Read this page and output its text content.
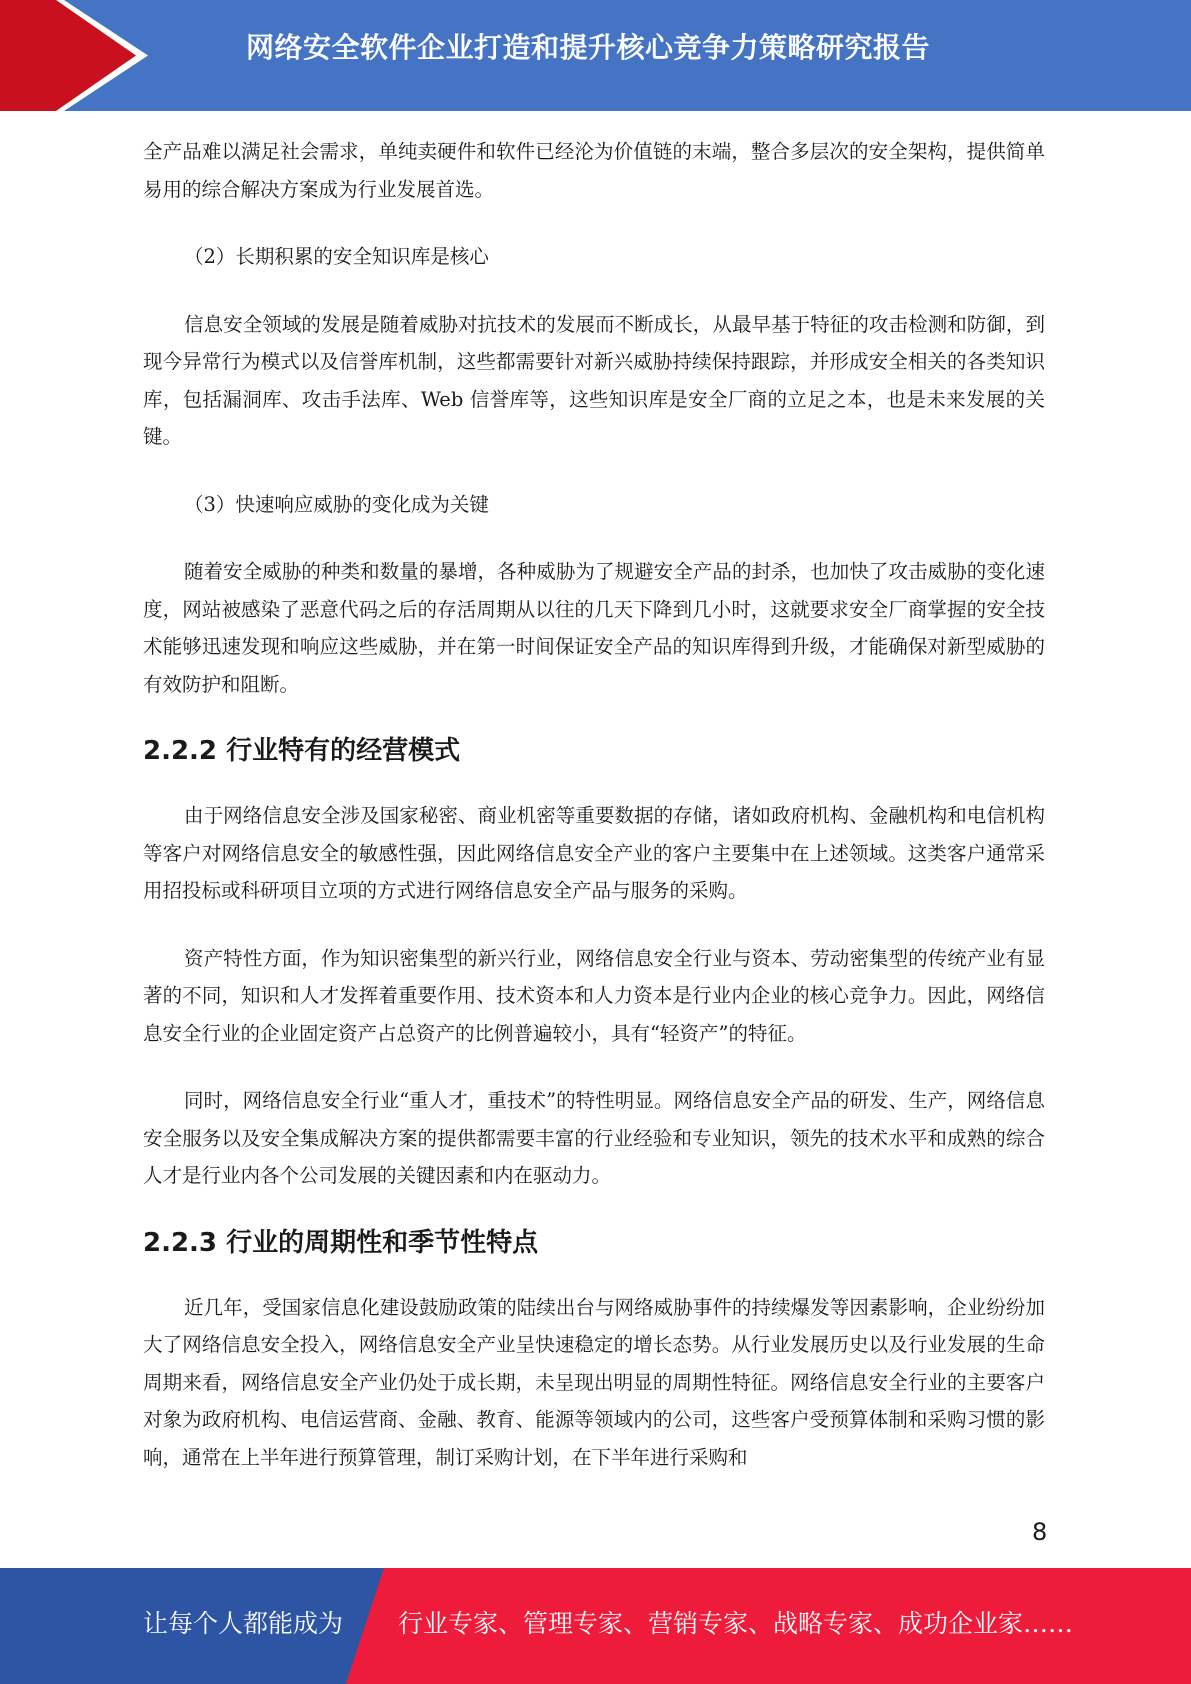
网络安全软件企业打造和提升核心竞争力策略研究报告

全产品难以满足社会需求，单纯卖硬件和软件已经沦为价值链的末端，整合多层次的安全架构，提供简单易用的综合解决方案成为行业发展首选。

（2）长期积累的安全知识库是核心

信息安全领域的发展是随着威胁对抗技术的发展而不断成长，从最早基于特征的攻击检测和防御，到现今异常行为模式以及信誉库机制，这些都需要针对新兴威胁持续保持跟踪，并形成安全相关的各类知识库，包括漏洞库、攻击手法库、Web 信誉库等，这些知识库是安全厂商的立足之本，也是未来发展的关键。

（3）快速响应威胁的变化成为关键

随着安全威胁的种类和数量的暴增，各种威胁为了规避安全产品的封杀，也加快了攻击威胁的变化速度，网站被感染了恶意代码之后的存活周期从以往的几天下降到几小时，这就要求安全厂商掌握的安全技术能够迅速发现和响应这些威胁，并在第一时间保证安全产品的知识库得到升级，才能确保对新型威胁的有效防护和阻断。

2.2.2 行业特有的经营模式

由于网络信息安全涉及国家秘密、商业机密等重要数据的存储，诸如政府机构、金融机构和电信机构等客户对网络信息安全的敏感性强，因此网络信息安全产业的客户主要集中在上述领域。这类客户通常采用招投标或科研项目立项的方式进行网络信息安全产品与服务的采购。

资产特性方面，作为知识密集型的新兴行业，网络信息安全行业与资本、劳动密集型的传统产业有显著的不同，知识和人才发挥着重要作用、技术资本和人力资本是行业内企业的核心竞争力。因此，网络信息安全行业的企业固定资产占总资产的比例普遍较小，具有“轻资产”的特征。

同时，网络信息安全行业“重人才，重技术”的特性明显。网络信息安全产品的研发、生产，网络信息安全服务以及安全集成解决方案的提供都需要丰富的行业经验和专业知识，领先的技术水平和成熟的综合人才是行业内各个公司发展的关键因素和内在驱动力。

2.2.3 行业的周期性和季节性特点

近几年，受国家信息化建设鼓励政策的陆续出台与网络威胁事件的持续爆发等因素影响，企业纷纷加大了网络信息安全投入，网络信息安全产业呈快速稳定的增长态势。从行业发展历史以及行业发展的生命周期来看，网络信息安全产业仍处于成长期，未呈现出明显的周期性特征。网络信息安全行业的主要客户对象为政府机构、电信运营商、金融、教育、能源等领域内的公司，这些客户受预算体制和采购习惯的影响，通常在上半年进行预算管理，制订采购计划，在下半年进行采购和

8
让每个人都能成为 行业专家、管理专家、营销专家、战略专家、成功企业家……
